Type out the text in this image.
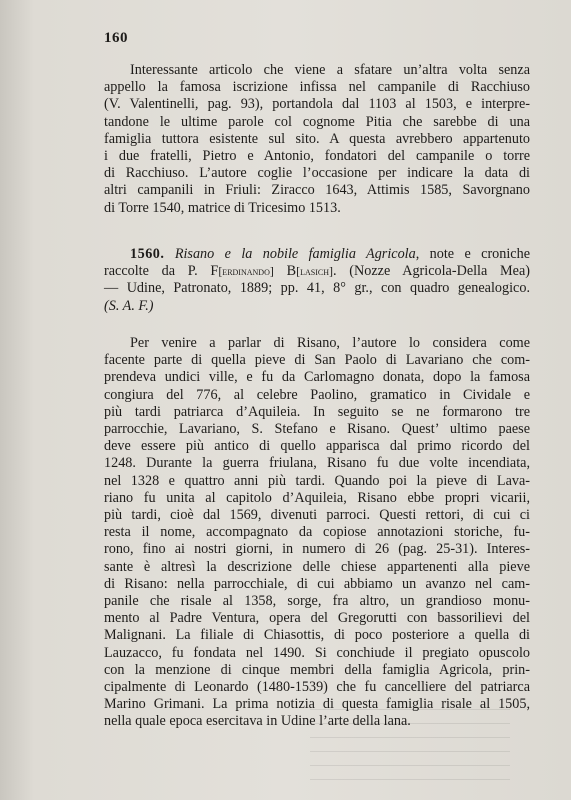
160
Interessante articolo che viene a sfatare un’altra volta senza
appello la famosa iscrizione infissa nel campanile di Racchiuso
(V. Valentinelli, pag. 93), portandola dal 1103 al 1503, e interpre-
tandone le ultime parole col cognome Pitia che sarebbe di una
famiglia tuttora esistente sul sito. A questa avrebbero appartenuto
i due fratelli, Pietro e Antonio, fondatori del campanile o torre
di Racchiuso. L’autore coglie l’occasione per indicare la data di
altri campanili in Friuli: Ziracco 1643, Attimis 1585, Savorgnano
di Torre 1540, matrice di Tricesimo 1513.
1560. Risano e la nobile famiglia Agricola, note e croniche
raccolte da P. F[erdinando] B[lasich]. (Nozze Agricola-Della Mea)
— Udine, Patronato, 1889; pp. 41, 8° gr., con quadro genealogico.
(S. A. F.)
Per venire a parlar di Risano, l’autore lo considera come
facente parte di quella pieve di San Paolo di Lavariano che com-
prendeva undici ville, e fu da Carlomagno donata, dopo la famosa
congiura del 776, al celebre Paolino, gramatico in Cividale e
più tardi patriarca d’Aquileia. In seguito se ne formarono tre
parrocchie, Lavariano, S. Stefano e Risano. Quest’ ultimo paese
deve essere più antico di quello apparisca dal primo ricordo del
1248. Durante la guerra friulana, Risano fu due volte incendiata,
nel 1328 e quattro anni più tardi. Quando poi la pieve di Lava-
riano fu unita al capitolo d’Aquileia, Risano ebbe propri vicarii,
più tardi, cioè dal 1569, divenuti parroci. Questi rettori, di cui ci
resta il nome, accompagnato da copiose annotazioni storiche, fu-
rono, fino ai nostri giorni, in numero di 26 (pag. 25-31). Interes-
sante è altresì la descrizione delle chiese appartenenti alla pieve
di Risano: nella parrocchiale, di cui abbiamo un avanzo nel cam-
panile che risale al 1358, sorge, fra altro, un grandioso monu-
mento al Padre Ventura, opera del Gregorutti con bassorilievi del
Malignani. La filiale di Chiasottis, di poco posteriore a quella di
Lauzacco, fu fondata nel 1490. Si conchiude il pregiato opuscolo
con la menzione di cinque membri della famiglia Agricola, prin-
cipalmente di Leonardo (1480-1539) che fu cancelliere del patriarca
Marino Grimani. La prima notizia di questa famiglia risale al 1505,
nella quale epoca esercitava in Udine l’arte della lana.
